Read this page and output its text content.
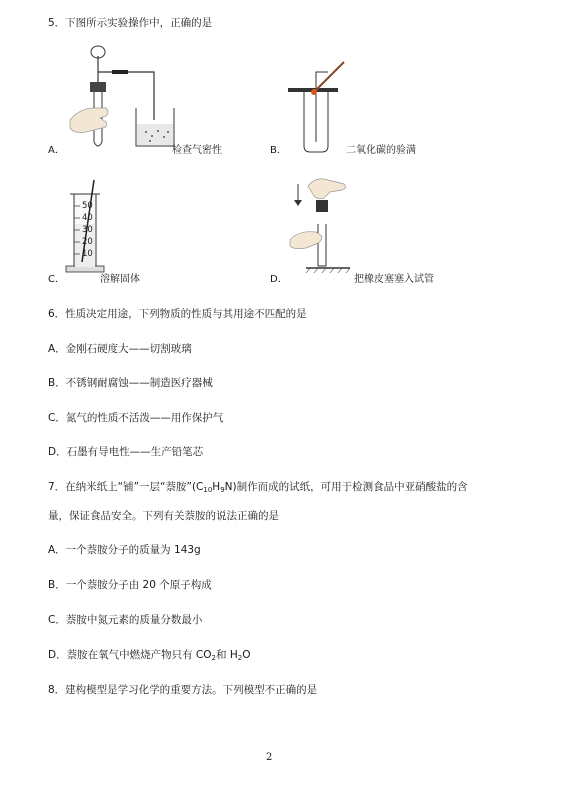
5．下图所示实验操作中，正确的是
A．	检查气密性	B．	二氧化碳的验满
50
40
30
20
10
C．	溶解固体	D．	把橡皮塞塞入试管
6．性质决定用途，下列物质的性质与其用途不匹配的是
A．金刚石硬度大——切割玻璃
B．不锈钢耐腐蚀——制造医疗器械
C．氮气的性质不活泼——用作保护气
D．石墨有导电性——生产铅笔芯
7．在纳米纸上“铺”一层“萘胺$”(C_{10}H_9N)$制作而成的试纸，可用于检测食品中亚硝酸盐的含
量，保证食品安全。下列有关萘胺的说法正确的是
A．一个萘胺分子的质量为 143g
B．一个萘胺分子由 20 个原子构成
C．萘胺中氮元素的质量分数最小
D．萘胺在氧气中燃烧产物只有 $CO_2$和 $H_2O$
8．建构模型是学习化学的重要方法。下列模型不正确的是
2
